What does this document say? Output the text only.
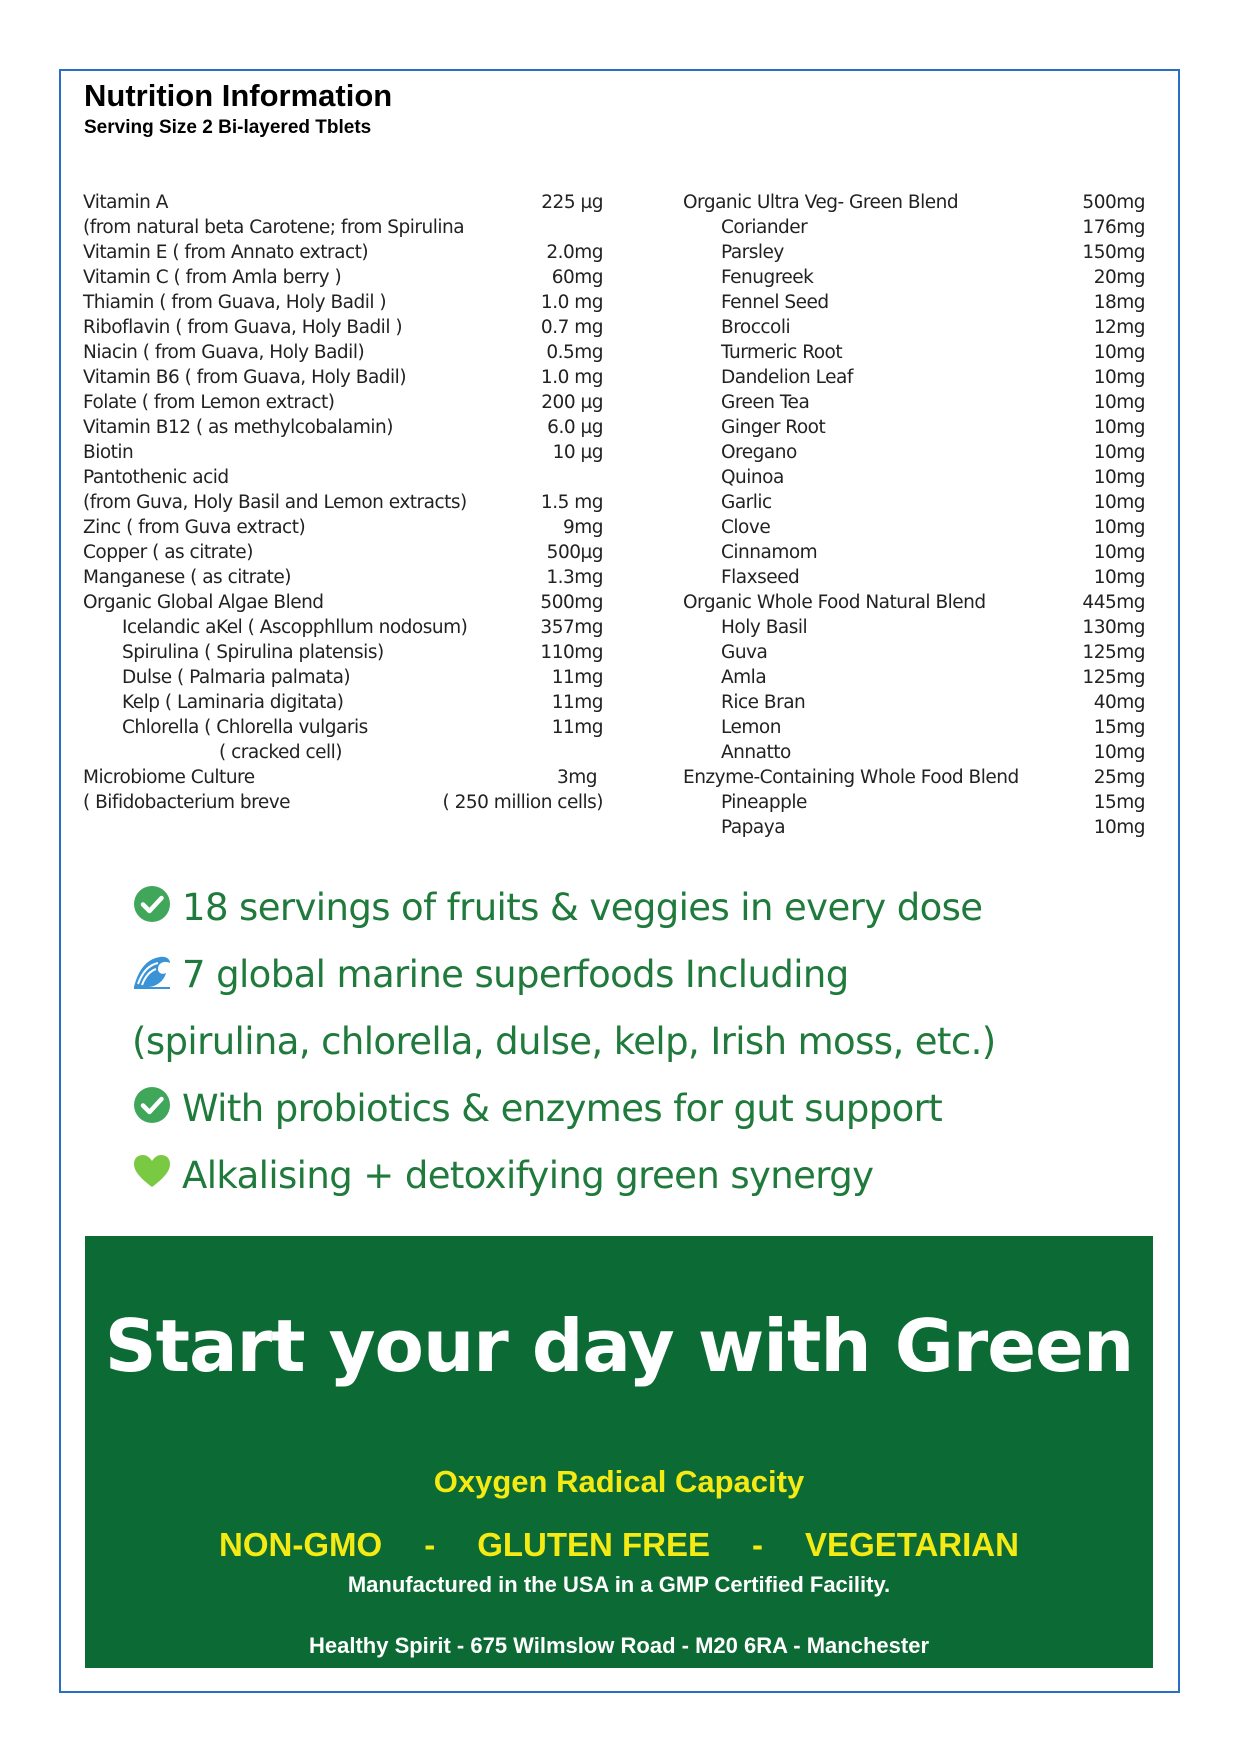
Nutrition Information
Serving Size 2 Bi-layered Tblets
Vitamin A	225 µg
(from natural beta Carotene; from Spirulina
Vitamin E ( from Annato extract)	2.0mg
Vitamin C ( from Amla berry )	60mg
Thiamin ( from Guava, Holy Badil )	1.0 mg
Riboflavin ( from Guava, Holy Badil )	0.7 mg
Niacin ( from Guava, Holy Badil)	0.5mg
Vitamin B6 ( from Guava, Holy Badil)	1.0 mg
Folate ( from Lemon extract)	200 µg
Vitamin B12 ( as methylcobalamin)	6.0 µg
Biotin	10 µg
Pantothenic acid
(from Guva, Holy Basil and Lemon extracts)	1.5 mg
Zinc ( from Guva extract)	9mg
Copper ( as citrate)	500µg
Manganese ( as citrate)	1.3mg
Organic Global Algae Blend	500mg
Icelandic aKel ( Ascopphllum nodosum)	357mg
Spirulina ( Spirulina platensis)	110mg
Dulse ( Palmaria palmata)	11mg
Kelp ( Laminaria digitata)	11mg
Chlorella ( Chlorella vulgaris	11mg
( cracked cell)
Microbiome Culture	3mg
( Bifidobacterium breve	( 250 million cells)
Organic Ultra Veg- Green Blend	500mg
Coriander	176mg
Parsley	150mg
Fenugreek	20mg
Fennel Seed	18mg
Broccoli	12mg
Turmeric Root	10mg
Dandelion Leaf	10mg
Green Tea	10mg
Ginger Root	10mg
Oregano	10mg
Quinoa	10mg
Garlic	10mg
Clove	10mg
Cinnamom	10mg
Flaxseed	10mg
Organic Whole Food Natural Blend	445mg
Holy Basil	130mg
Guva	125mg
Amla	125mg
Rice Bran	40mg
Lemon	15mg
Annatto	10mg
Enzyme-Containing Whole Food Blend	25mg
Pineapple	15mg
Papaya	10mg
18 servings of fruits & veggies in every dose
7 global marine superfoods Including
(spirulina, chlorella, dulse, kelp, Irish moss, etc.)
With probiotics & enzymes for gut support
Alkalising + detoxifying green synergy
Start your day with Green
Oxygen Radical Capacity
NON-GMO - GLUTEN FREE - VEGETARIAN
Manufactured in the USA in a GMP Certified Facility.
Healthy Spirit - 675 Wilmslow Road - M20 6RA - Manchester
